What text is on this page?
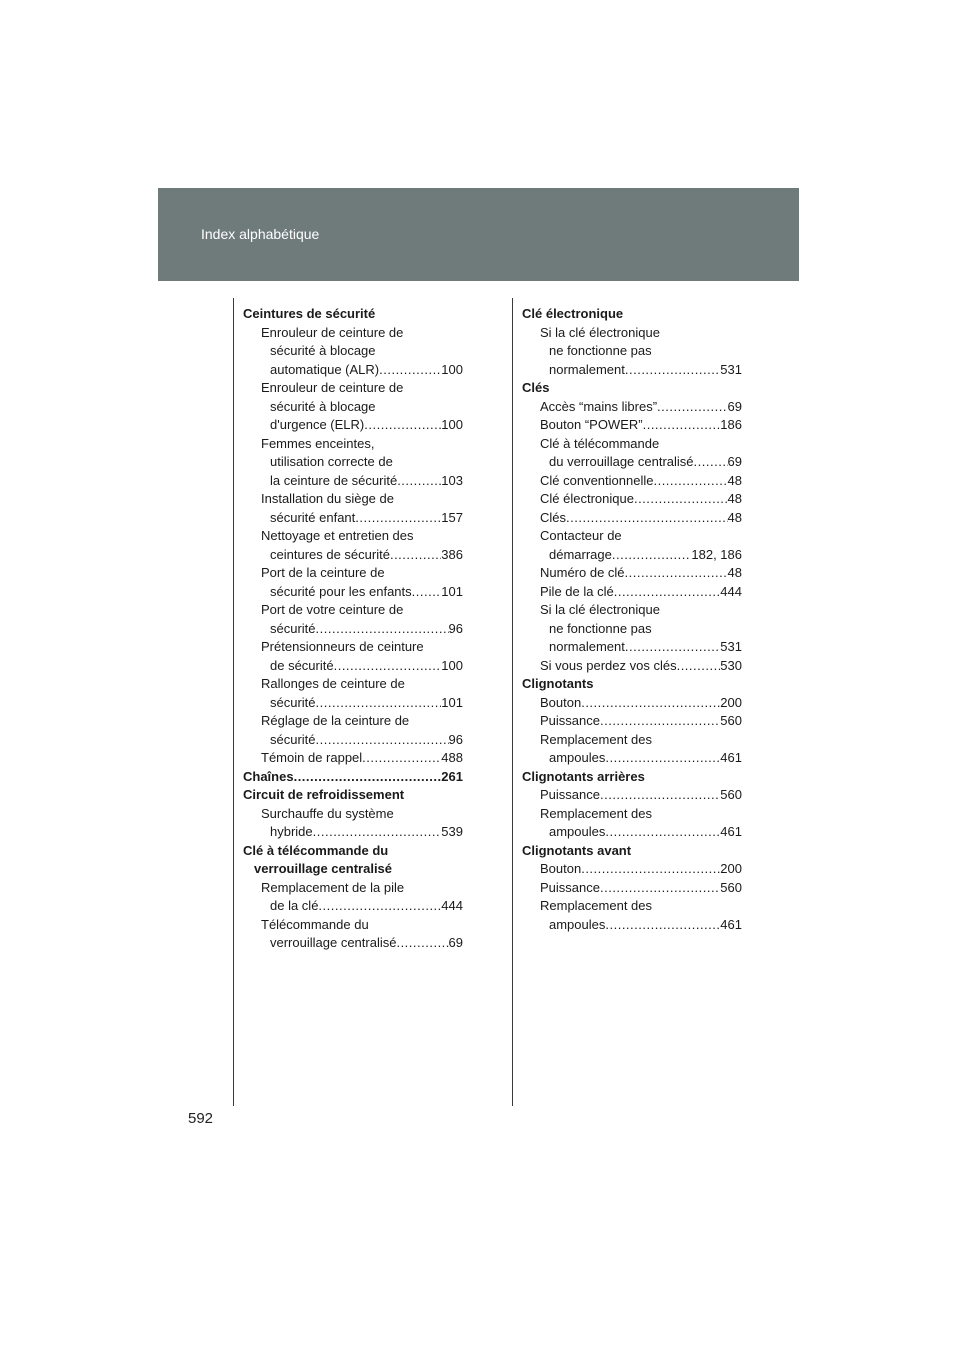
Index alphabétique
Ceintures de sécurité
Enrouleur de ceinture de
sécurité à blocage
automatique (ALR) .....	100
Enrouleur de ceinture de
sécurité à blocage
d'urgence (ELR) .....	100
Femmes enceintes,
utilisation correcte de
la ceinture de sécurité .....	103
Installation du siège de
sécurité enfant .....	157
Nettoyage et entretien des
ceintures de sécurité .....	386
Port de la ceinture de
sécurité pour les enfants ..... 101
Port de votre ceinture de
sécurité .....	96
Prétensionneurs de ceinture
de sécurité .....	100
Rallonges de ceinture de
sécurité .....	101
Réglage de la ceinture de
sécurité .....	96
Témoin de rappel .....	488
Chaînes .....	261
Circuit de refroidissement
Surchauffe du système
hybride .....	539
Clé à télécommande du
verrouillage centralisé
Remplacement de la pile
de la clé .....	444
Télécommande du
verrouillage centralisé .....	69
Clé électronique
Si la clé électronique
ne fonctionne pas
normalement .....	531
Clés
Accès “mains libres” .....	69
Bouton “POWER” .....	186
Clé à télécommande
du verrouillage centralisé .....	69
Clé conventionnelle .....	48
Clé électronique .....	48
Clés .....	48
Contacteur de
démarrage .....	182, 186
Numéro de clé .....	48
Pile de la clé .....	444
Si la clé électronique
ne fonctionne pas
normalement .....	531
Si vous perdez vos clés .....	530
Clignotants
Bouton .....	200
Puissance .....	560
Remplacement des
ampoules .....	461
Clignotants arrières
Puissance .....	560
Remplacement des
ampoules .....	461
Clignotants avant
Bouton .....	200
Puissance .....	560
Remplacement des
ampoules .....	461
592
